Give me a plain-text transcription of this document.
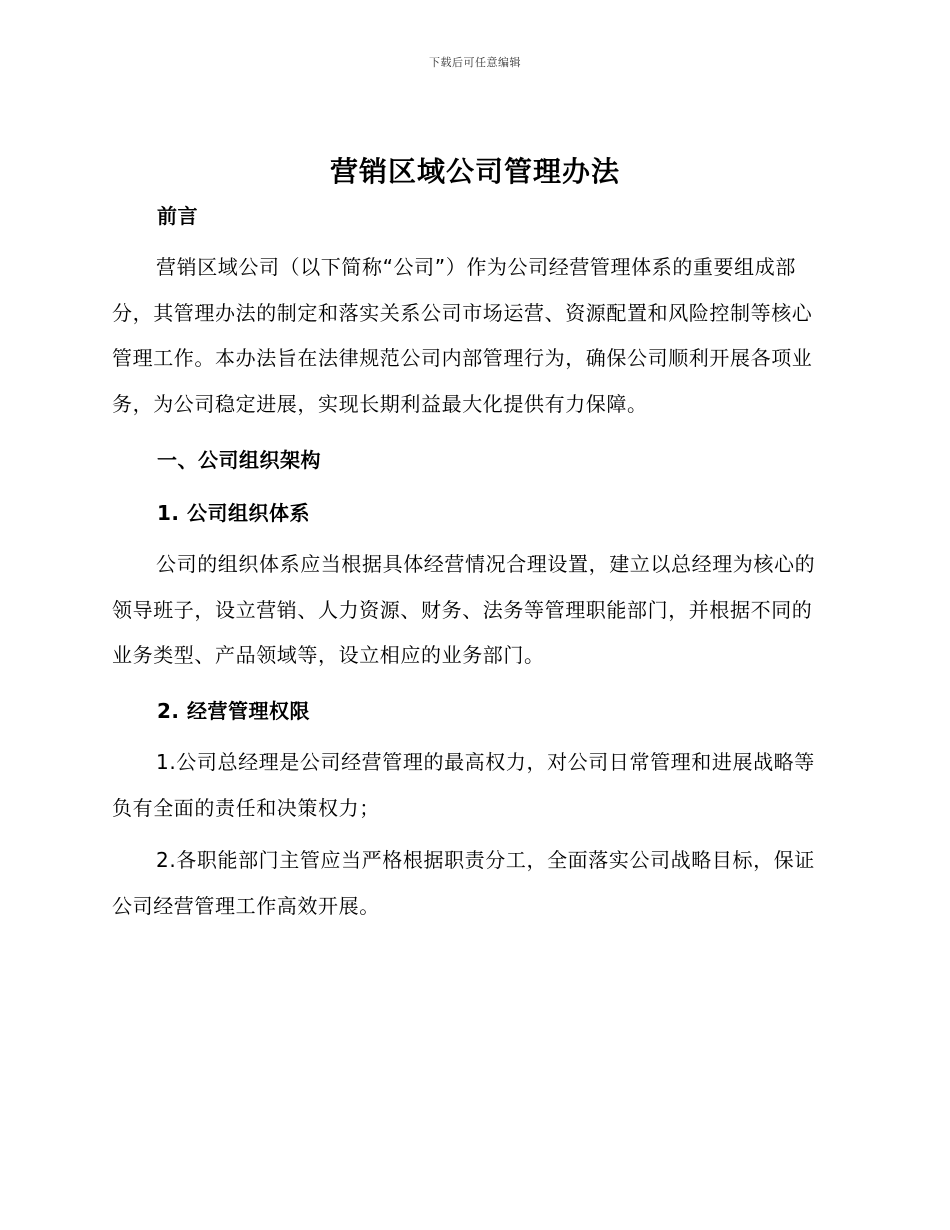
下载后可任意编辑
营销区域公司管理办法
前言
营销区域公司（以下简称“公司”）作为公司经营管理体系的重要组成部分，其管理办法的制定和落实关系公司市场运营、资源配置和风险控制等核心管理工作。本办法旨在法律规范公司内部管理行为，确保公司顺利开展各项业务，为公司稳定进展，实现长期利益最大化提供有力保障。
一、公司组织架构
1. 公司组织体系
公司的组织体系应当根据具体经营情况合理设置，建立以总经理为核心的领导班子，设立营销、人力资源、财务、法务等管理职能部门，并根据不同的业务类型、产品领域等，设立相应的业务部门。
2. 经营管理权限
1.公司总经理是公司经营管理的最高权力，对公司日常管理和进展战略等负有全面的责任和决策权力；
2.各职能部门主管应当严格根据职责分工，全面落实公司战略目标，保证公司经营管理工作高效开展。
